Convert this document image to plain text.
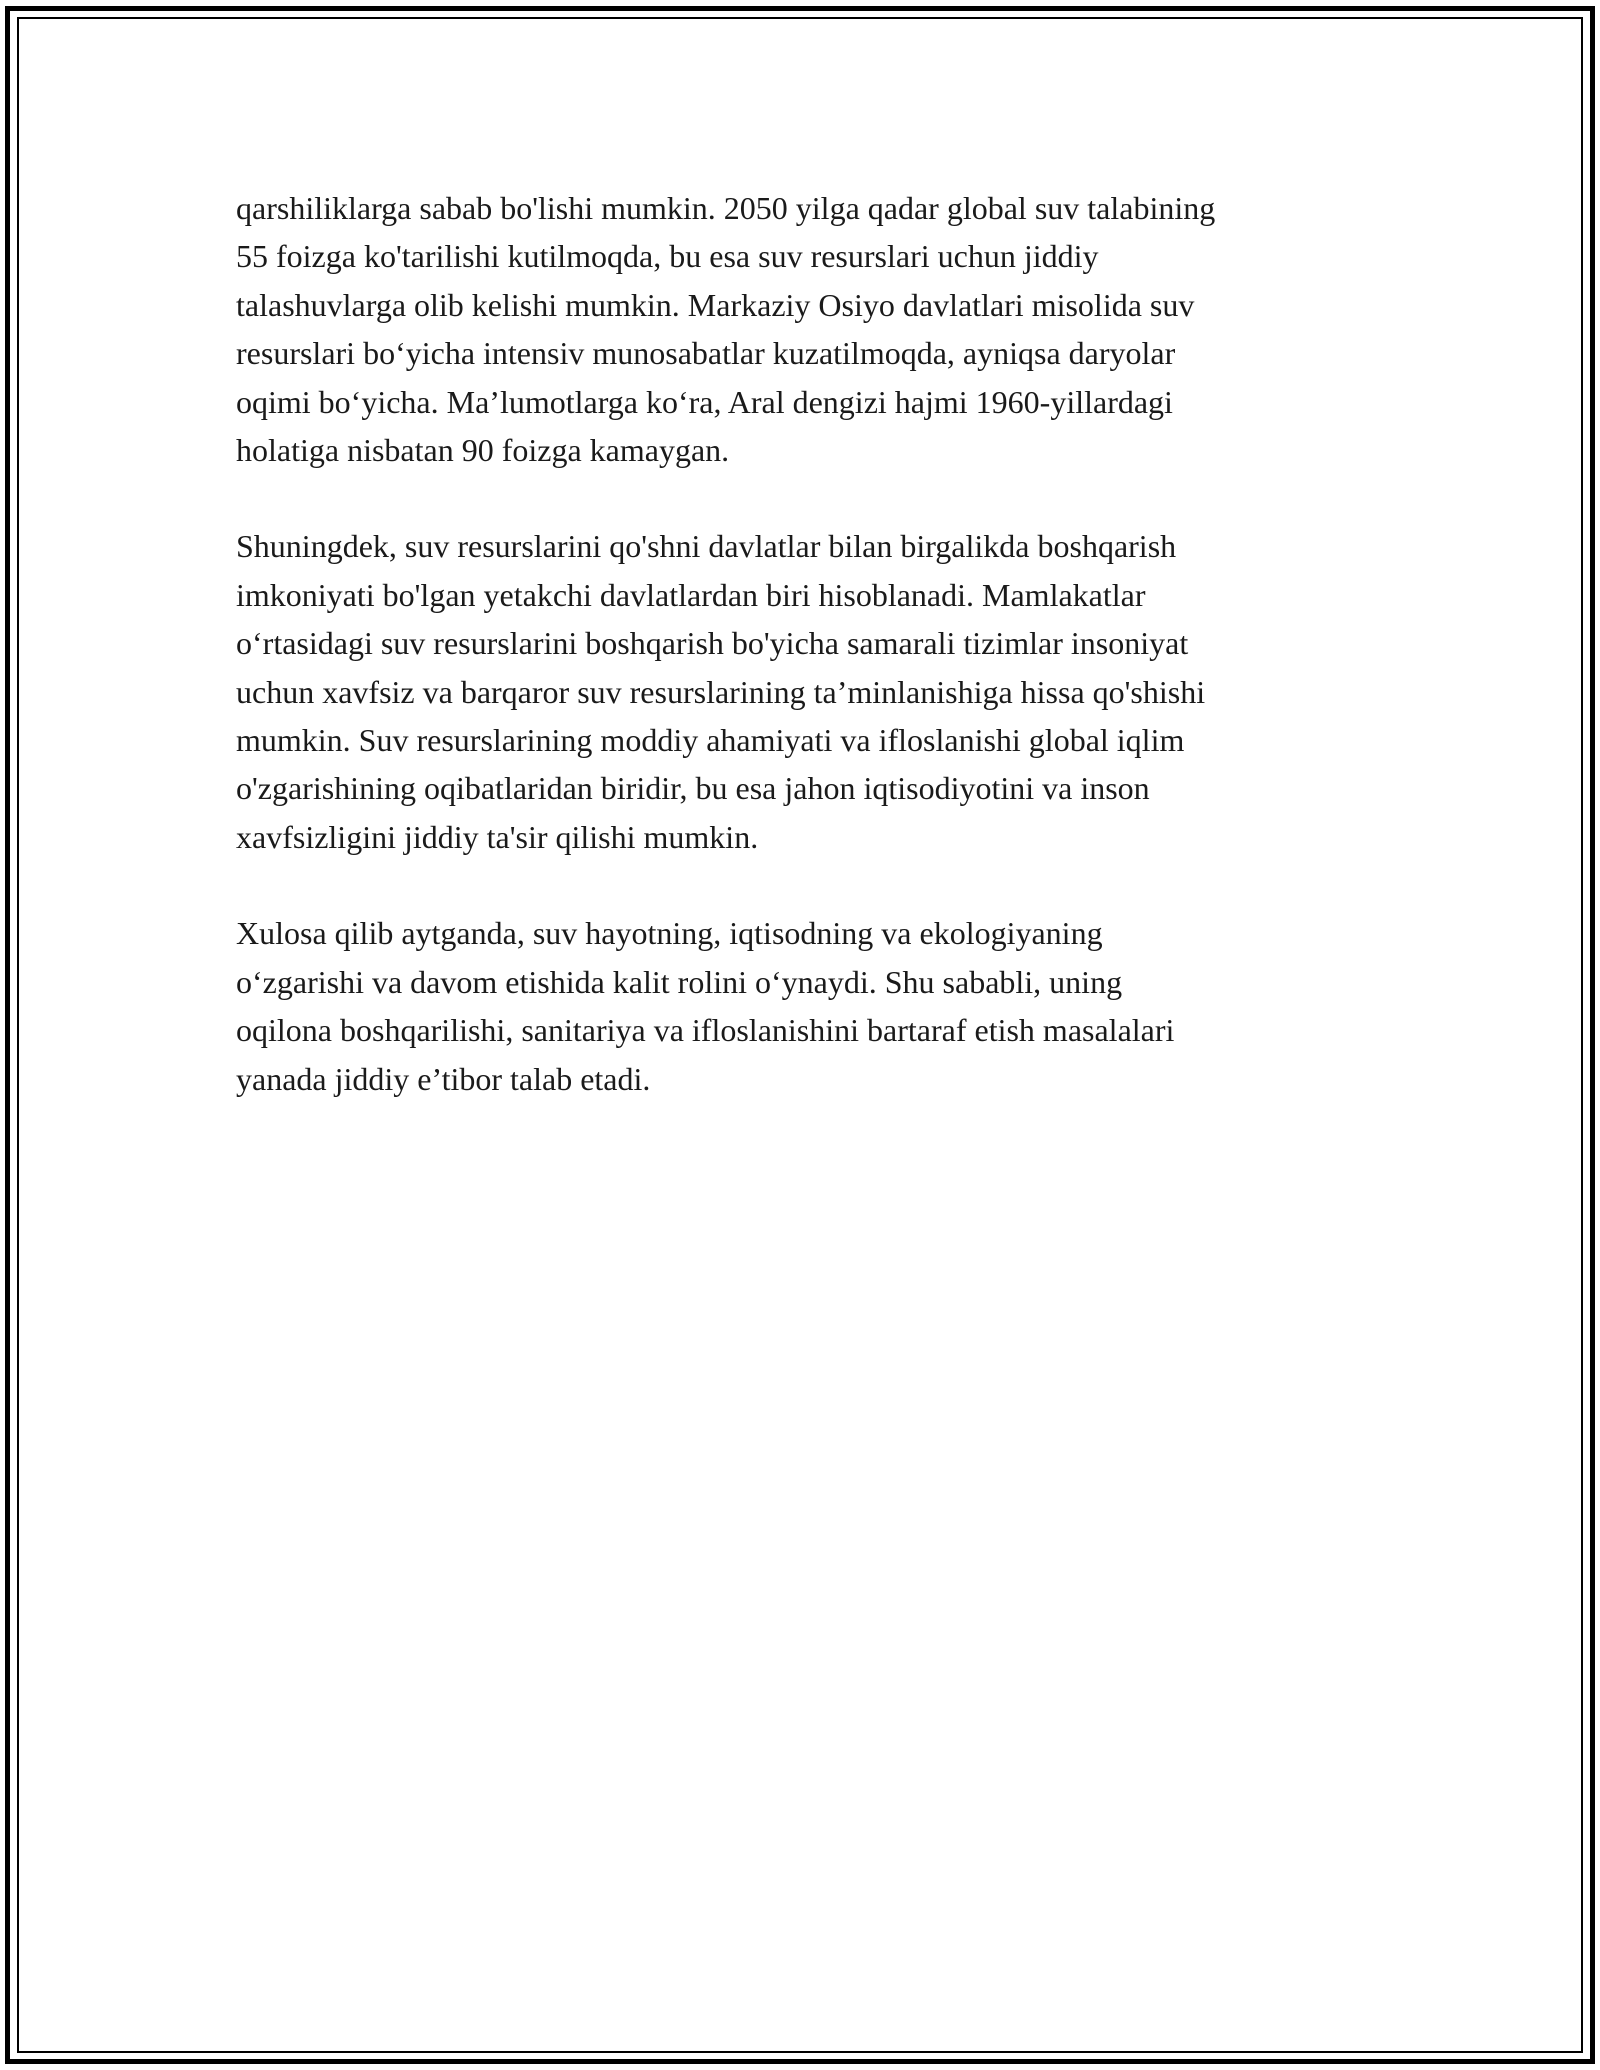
qarshiliklarga sabab bo'lishi mumkin. 2050 yilga qadar global suv talabining
55 foizga ko'tarilishi kutilmoqda, bu esa suv resurslari uchun jiddiy
talashuvlarga olib kelishi mumkin. Markaziy Osiyo davlatlari misolida suv
resurslari bo‘yicha intensiv munosabatlar kuzatilmoqda, ayniqsa daryolar
oqimi bo‘yicha. Ma’lumotlarga ko‘ra, Aral dengizi hajmi 1960-yillardagi
holatiga nisbatan 90 foizga kamaygan.

Shuningdek, suv resurslarini qo'shni davlatlar bilan birgalikda boshqarish
imkoniyati bo'lgan yetakchi davlatlardan biri hisoblanadi. Mamlakatlar
o‘rtasidagi suv resurslarini boshqarish bo'yicha samarali tizimlar insoniyat
uchun xavfsiz va barqaror suv resurslarining ta’minlanishiga hissa qo'shishi
mumkin. Suv resurslarining moddiy ahamiyati va ifloslanishi global iqlim
o'zgarishining oqibatlaridan biridir, bu esa jahon iqtisodiyotini va inson
xavfsizligini jiddiy ta'sir qilishi mumkin.

Xulosa qilib aytganda, suv hayotning, iqtisodning va ekologiyaning
o‘zgarishi va davom etishida kalit rolini o‘ynaydi. Shu sababli, uning
oqilona boshqarilishi, sanitariya va ifloslanishini bartaraf etish masalalari
yanada jiddiy e’tibor talab etadi.
